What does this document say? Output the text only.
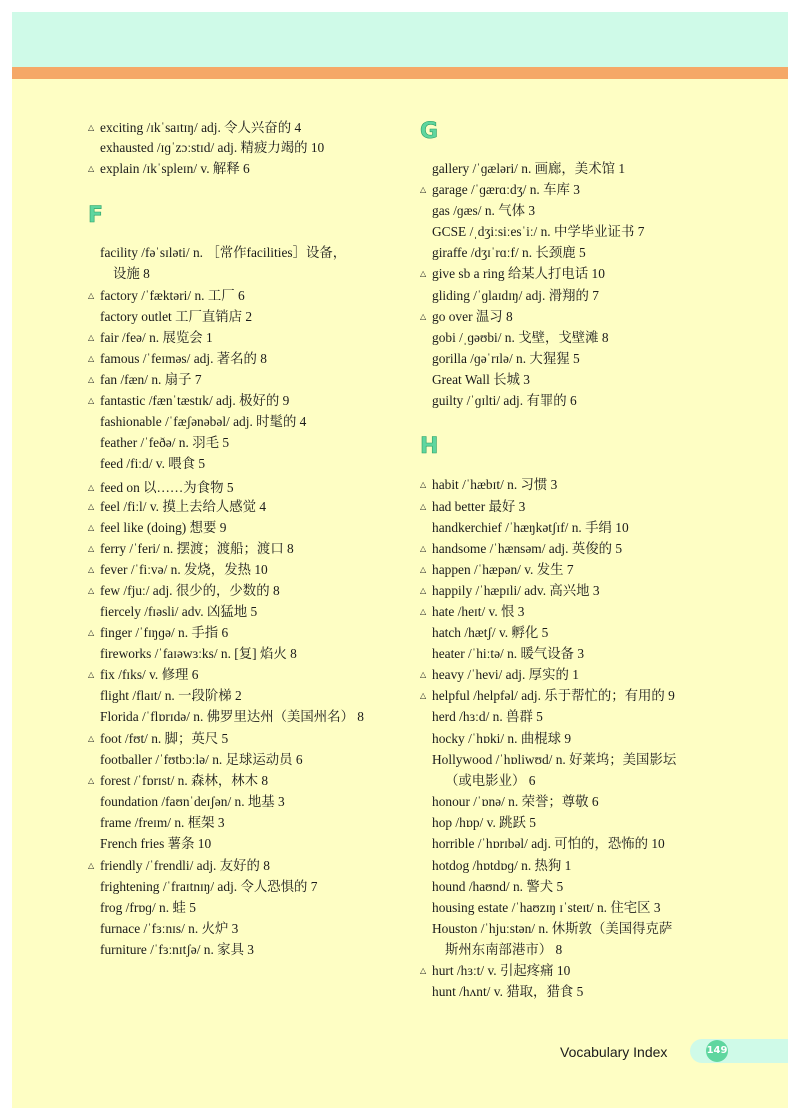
△ exciting /ɪkˈsaɪtɪŋ/ adj. 令人兴奋的 4
exhausted /ɪɡˈzɔːstɪd/ adj. 精疲力竭的 10
△ explain /ɪkˈspleɪn/ v. 解释 6
F
facility /fəˈsɪləti/ n. ［常作facilities］设备，
设施 8
△ factory /ˈfæktəri/ n. 工厂 6
factory outlet 工厂直销店 2
△ fair /feə/ n. 展览会 1
△ famous /ˈfeɪməs/ adj. 著名的 8
△ fan /fæn/ n. 扇子 7
△ fantastic /fænˈtæstɪk/ adj. 极好的 9
fashionable /ˈfæʃənəbəl/ adj. 时髦的 4
feather /ˈfeðə/ n. 羽毛 5
feed /fiːd/ v. 喂食 5
△ feed on 以……为食物 5
△ feel /fiːl/ v. 摸上去给人感觉 4
△ feel like (doing) 想要 9
△ ferry /ˈferi/ n. 摆渡；渡船；渡口 8
△ fever /ˈfiːvə/ n. 发烧，发热 10
△ few /fjuː/ adj. 很少的，少数的 8
fiercely /fɪəsli/ adv. 凶猛地 5
△ finger /ˈfɪŋɡə/ n. 手指 6
fireworks /ˈfaɪəwɜːks/ n. [复] 焰火 8
△ fix /fɪks/ v. 修理 6
flight /flaɪt/ n. 一段阶梯 2
Florida /ˈflɒrɪdə/ n. 佛罗里达州（美国州名） 8
△ foot /fʊt/ n. 脚；英尺 5
footballer /ˈfʊtbɔːlə/ n. 足球运动员 6
△ forest /ˈfɒrɪst/ n. 森林，林木 8
foundation /faʊnˈdeɪʃən/ n. 地基 3
frame /freɪm/ n. 框架 3
French fries 薯条 10
△ friendly /ˈfrendli/ adj. 友好的 8
frightening /ˈfraɪtnɪŋ/ adj. 令人恐惧的 7
frog /frɒɡ/ n. 蛙 5
furnace /ˈfɜːnɪs/ n. 火炉 3
furniture /ˈfɜːnɪtʃə/ n. 家具 3
G
gallery /ˈɡæləri/ n. 画廊，美术馆 1
△ garage /ˈɡærɑːdʒ/ n. 车库 3
gas /ɡæs/ n. 气体 3
GCSE /ˌdʒiːsiːesˈiː/ n. 中学毕业证书 7
giraffe /dʒɪˈrɑːf/ n. 长颈鹿 5
△ give sb a ring 给某人打电话 10
gliding /ˈɡlaɪdɪŋ/ adj. 滑翔的 7
△ go over 温习 8
gobi /ˌɡəʊbi/ n. 戈壁，戈壁滩 8
gorilla /ɡəˈrɪlə/ n. 大猩猩 5
Great Wall 长城 3
guilty /ˈɡɪlti/ adj. 有罪的 6
H
△ habit /ˈhæbɪt/ n. 习惯 3
△ had better 最好 3
handkerchief /ˈhæŋkətʃɪf/ n. 手绢 10
△ handsome /ˈhænsəm/ adj. 英俊的 5
△ happen /ˈhæpən/ v. 发生 7
△ happily /ˈhæpɪli/ adv. 高兴地 3
△ hate /heɪt/ v. 恨 3
hatch /hætʃ/ v. 孵化 5
heater /ˈhiːtə/ n. 暖气设备 3
△ heavy /ˈhevi/ adj. 厚实的 1
△ helpful /helpfəl/ adj. 乐于帮忙的；有用的 9
herd /hɜːd/ n. 兽群 5
hocky /ˈhɒki/ n. 曲棍球 9
Hollywood /ˈhɒliwʊd/ n. 好莱坞；美国影坛
（或电影业） 6
honour /ˈɒnə/ n. 荣誉；尊敬 6
hop /hɒp/ v. 跳跃 5
horrible /ˈhɒrɪbəl/ adj. 可怕的，恐怖的 10
hotdog /hɒtdɒɡ/ n. 热狗 1
hound /haʊnd/ n. 警犬 5
housing estate /ˈhaʊzɪŋ ɪˈsteɪt/ n. 住宅区 3
Houston /ˈhjuːstən/ n. 休斯敦（美国得克萨
斯州东南部港市） 8
△ hurt /hɜːt/ v. 引起疼痛 10
hunt /hʌnt/ v. 猎取，猎食 5
Vocabulary Index	149
